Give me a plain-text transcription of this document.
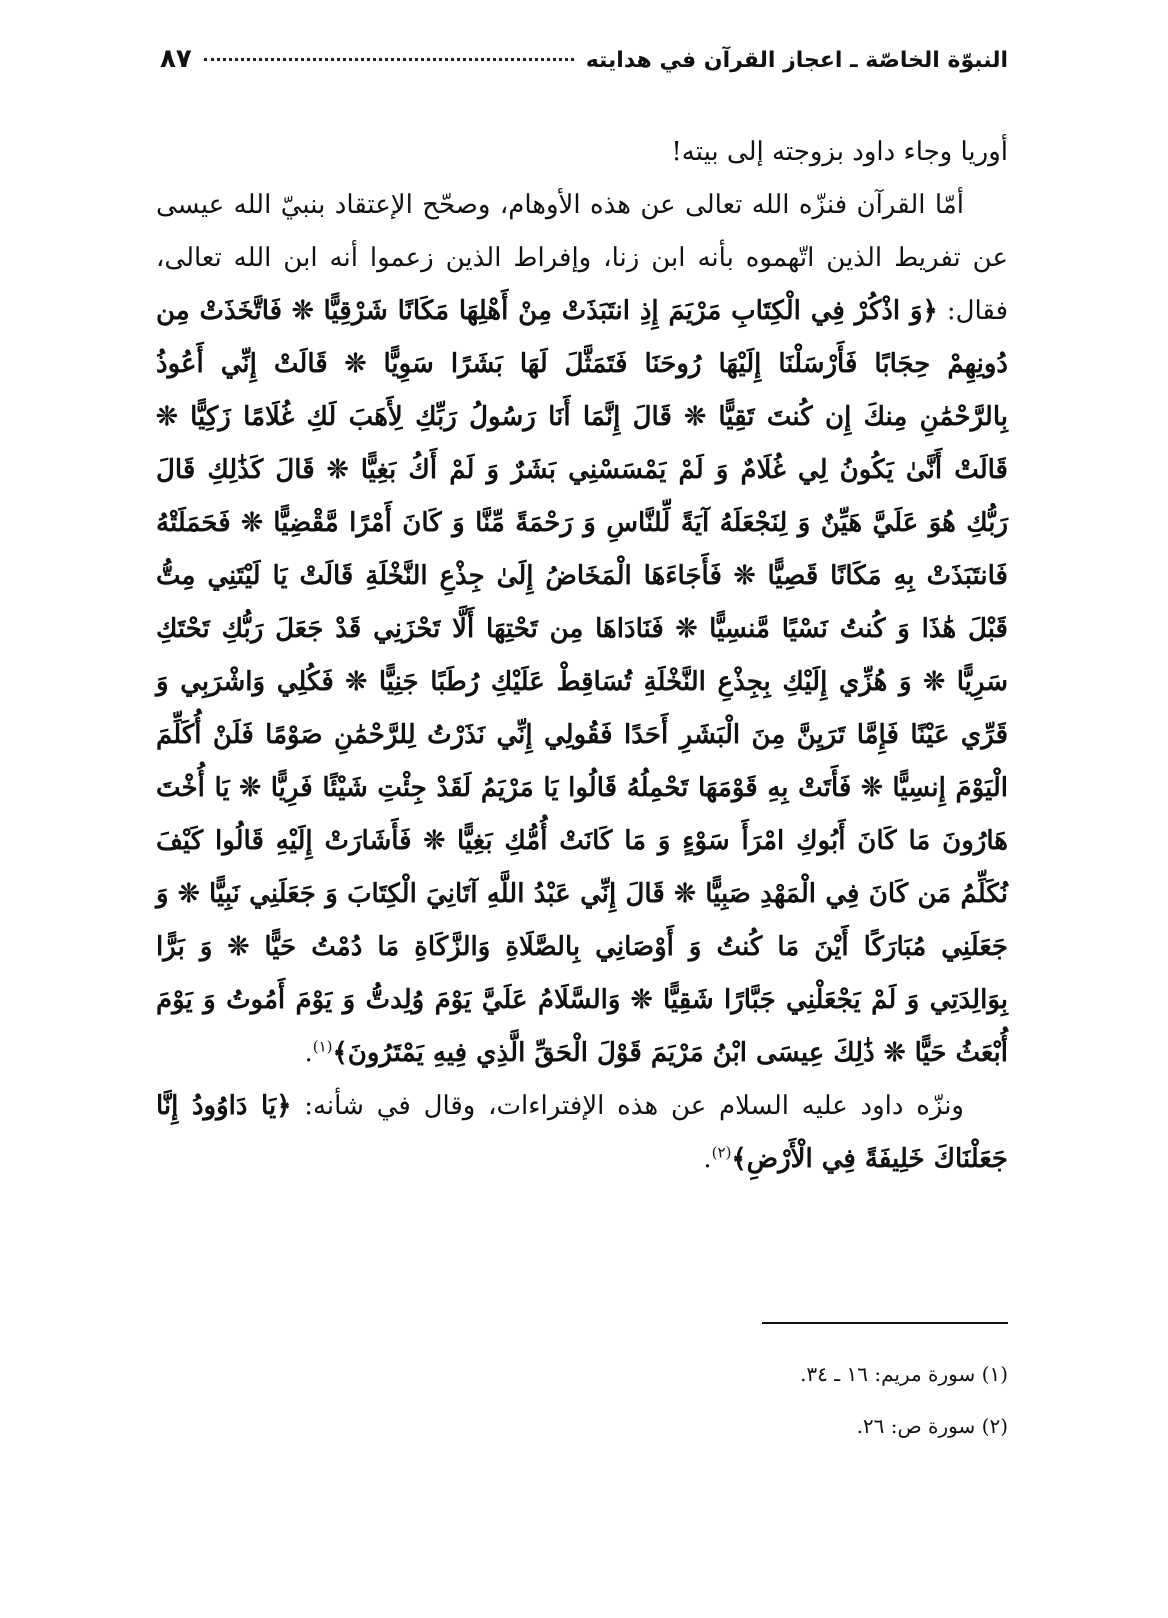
النبوّة الخاصّة ـ اعجاز القرآن في هدايته
٨٧

أوريا وجاء داود بزوجته إلى بيته!

أمّا القرآن فنزّه الله تعالى عن هذه الأوهام، وصحّح الإعتقاد بنبيّ الله عيسى عن تفريط الذين اتّهموه بأنه ابن زنا، وإفراط الذين زعموا أنه ابن الله تعالى، فقال: ﴿وَ اذْكُرْ فِي الْكِتَابِ مَرْيَمَ إِذِ انتَبَذَتْ مِنْ أَهْلِهَا مَكَانًا شَرْقِيًّا ❊ فَاتَّخَذَتْ مِن دُونِهِمْ حِجَابًا فَأَرْسَلْنَا إِلَيْهَا رُوحَنَا فَتَمَثَّلَ لَهَا بَشَرًا سَوِيًّا ❊ قَالَتْ إِنِّي أَعُوذُ بِالرَّحْمَٰنِ مِنكَ إِن كُنتَ تَقِيًّا ❊ قَالَ إِنَّمَا أَنَا رَسُولُ رَبِّكِ لِأَهَبَ لَكِ غُلَامًا زَكِيًّا ❊ قَالَتْ أَنَّىٰ يَكُونُ لِي غُلَامٌ وَ لَمْ يَمْسَسْنِي بَشَرٌ وَ لَمْ أَكُ بَغِيًّا ❊ قَالَ كَذَٰلِكِ قَالَ رَبُّكِ هُوَ عَلَيَّ هَيِّنٌ وَ لِنَجْعَلَهُ آيَةً لِّلنَّاسِ وَ رَحْمَةً مِّنَّا وَ كَانَ أَمْرًا مَّقْضِيًّا ❊ فَحَمَلَتْهُ فَانتَبَذَتْ بِهِ مَكَانًا قَصِيًّا ❊ فَأَجَاءَهَا الْمَخَاضُ إِلَىٰ جِذْعِ النَّخْلَةِ قَالَتْ يَا لَيْتَنِي مِتُّ قَبْلَ هَٰذَا وَ كُنتُ نَسْيًا مَّنسِيًّا ❊ فَنَادَاهَا مِن تَحْتِهَا أَلَّا تَحْزَنِي قَدْ جَعَلَ رَبُّكِ تَحْتَكِ سَرِيًّا ❊ وَ هُزِّي إِلَيْكِ بِجِذْعِ النَّخْلَةِ تُسَاقِطْ عَلَيْكِ رُطَبًا جَنِيًّا ❊ فَكُلِي وَاشْرَبِي وَ قَرِّي عَيْنًا فَإِمَّا تَرَيِنَّ مِنَ الْبَشَرِ أَحَدًا فَقُولِي إِنِّي نَذَرْتُ لِلرَّحْمَٰنِ صَوْمًا فَلَنْ أُكَلِّمَ الْيَوْمَ إِنسِيًّا ❊ فَأَتَتْ بِهِ قَوْمَهَا تَحْمِلُهُ قَالُوا يَا مَرْيَمُ لَقَدْ جِئْتِ شَيْئًا فَرِيًّا ❊ يَا أُخْتَ هَارُونَ مَا كَانَ أَبُوكِ امْرَأَ سَوْءٍ وَ مَا كَانَتْ أُمُّكِ بَغِيًّا ❊ فَأَشَارَتْ إِلَيْهِ قَالُوا كَيْفَ نُكَلِّمُ مَن كَانَ فِي الْمَهْدِ صَبِيًّا ❊ قَالَ إِنِّي عَبْدُ اللَّهِ آتَانِيَ الْكِتَابَ وَ جَعَلَنِي نَبِيًّا ❊ وَ جَعَلَنِي مُبَارَكًا أَيْنَ مَا كُنتُ وَ أَوْصَانِي بِالصَّلَاةِ وَالزَّكَاةِ مَا دُمْتُ حَيًّا ❊ وَ بَرًّا بِوَالِدَتِي وَ لَمْ يَجْعَلْنِي جَبَّارًا شَقِيًّا ❊ وَالسَّلَامُ عَلَيَّ يَوْمَ وُلِدتُّ وَ يَوْمَ أَمُوتُ وَ يَوْمَ أُبْعَثُ حَيًّا ❊ ذَٰلِكَ عِيسَى ابْنُ مَرْيَمَ قَوْلَ الْحَقِّ الَّذِي فِيهِ يَمْتَرُونَ﴾$^{(١)}$.

ونزّه داود عليه السلام عن هذه الإفتراءات، وقال في شأنه: ﴿يَا دَاوُودُ إِنَّا جَعَلْنَاكَ خَلِيفَةً فِي الْأَرْضِ﴾$^{(٢)}$.

(١) سورة مريم: ١٦ ـ ٣٤.

(٢) سورة ص: ٢٦.
